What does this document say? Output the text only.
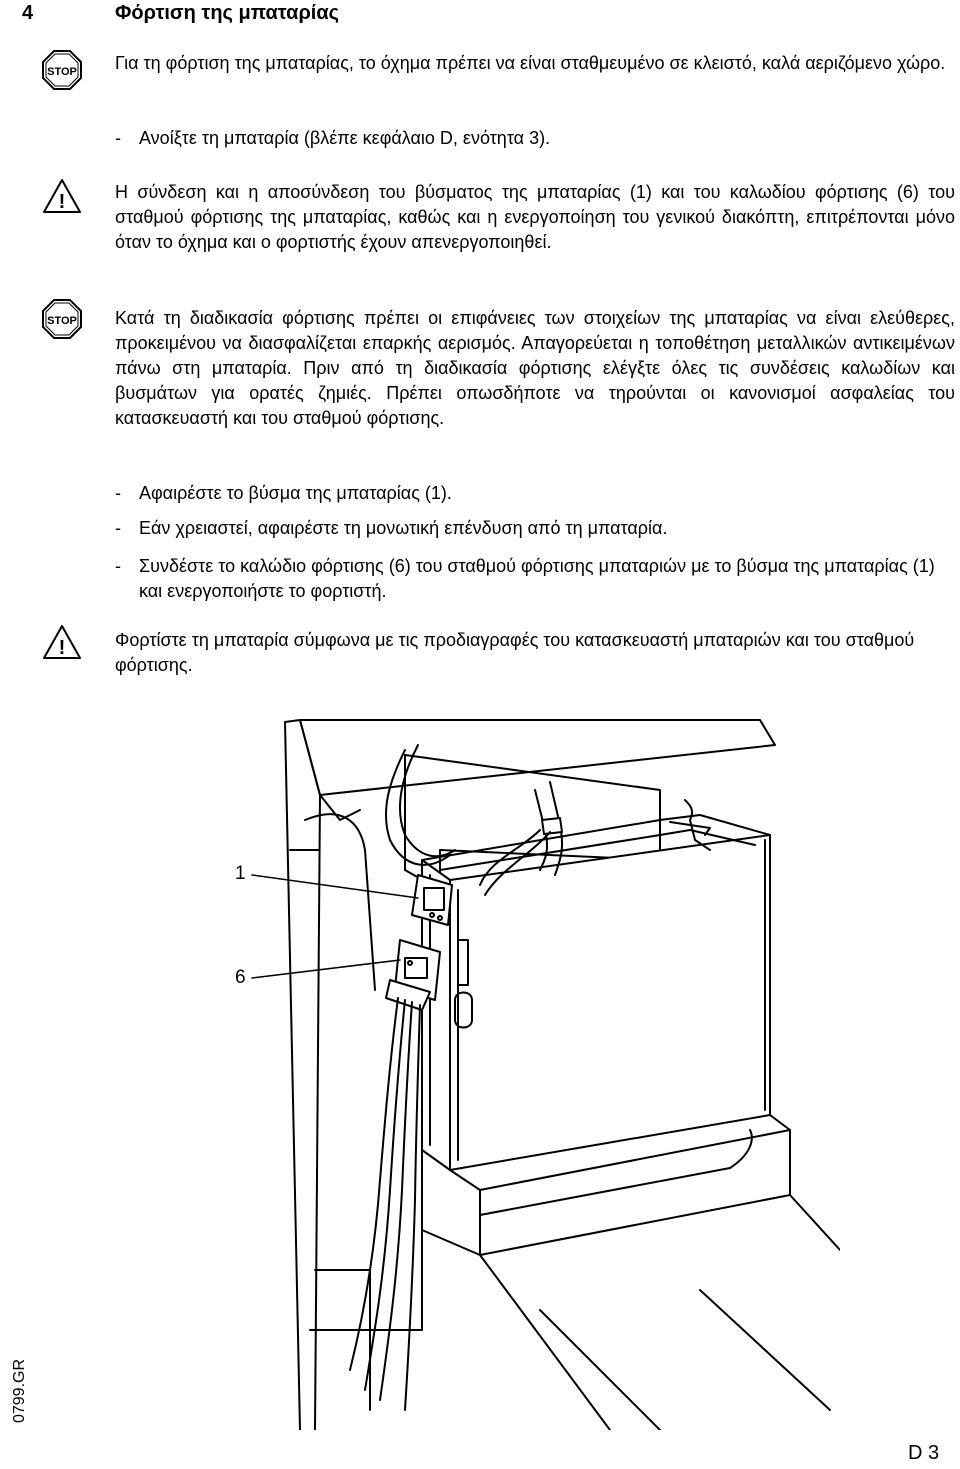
4	Φόρτιση της μπαταρίας
STOP Για τη φόρτιση της μπαταρίας, το όχημα πρέπει να είναι σταθμευμένο σε κλειστό, καλά αεριζόμενο χώρο.
- Ανοίξτε τη μπαταρία (βλέπε κεφάλαιο D, ενότητα 3).
!	Η σύνδεση και η αποσύνδεση του βύσματος της μπαταρίας (1) και του καλωδίου φόρτισης (6) του σταθμού φόρτισης της μπαταρίας, καθώς και η ενεργοποίηση του γενικού διακόπτη, επιτρέπονται μόνο όταν το όχημα και ο φορτιστής έχουν απενεργοποιηθεί.
STOP Κατά τη διαδικασία φόρτισης πρέπει οι επιφάνειες των στοιχείων της μπαταρίας να είναι ελεύθερες, προκειμένου να διασφαλίζεται επαρκής αερισμός. Απαγορεύεται η τοποθέτηση μεταλλικών αντικειμένων πάνω στη μπαταρία. Πριν από τη διαδικασία φόρτισης ελέγξτε όλες τις συνδέσεις καλωδίων και βυσμάτων για ορατές ζημιές. Πρέπει οπωσδήποτε να τηρούνται οι κανονισμοί ασφαλείας του κατασκευαστή και του σταθμού φόρτισης.
- Αφαιρέστε το βύσμα της μπαταρίας (1).
- Εάν χρειαστεί, αφαιρέστε τη μονωτική επένδυση από τη μπαταρία.
- Συνδέστε το καλώδιο φόρτισης (6) του σταθμού φόρτισης μπαταριών με το βύσμα της μπαταρίας (1) και ενεργοποιήστε το φορτιστή.
!	Φορτίστε τη μπαταρία σύμφωνα με τις προδιαγραφές του κατασκευαστή μπαταριών και του σταθμού φόρτισης.
1
6
0799.GR
D 3
